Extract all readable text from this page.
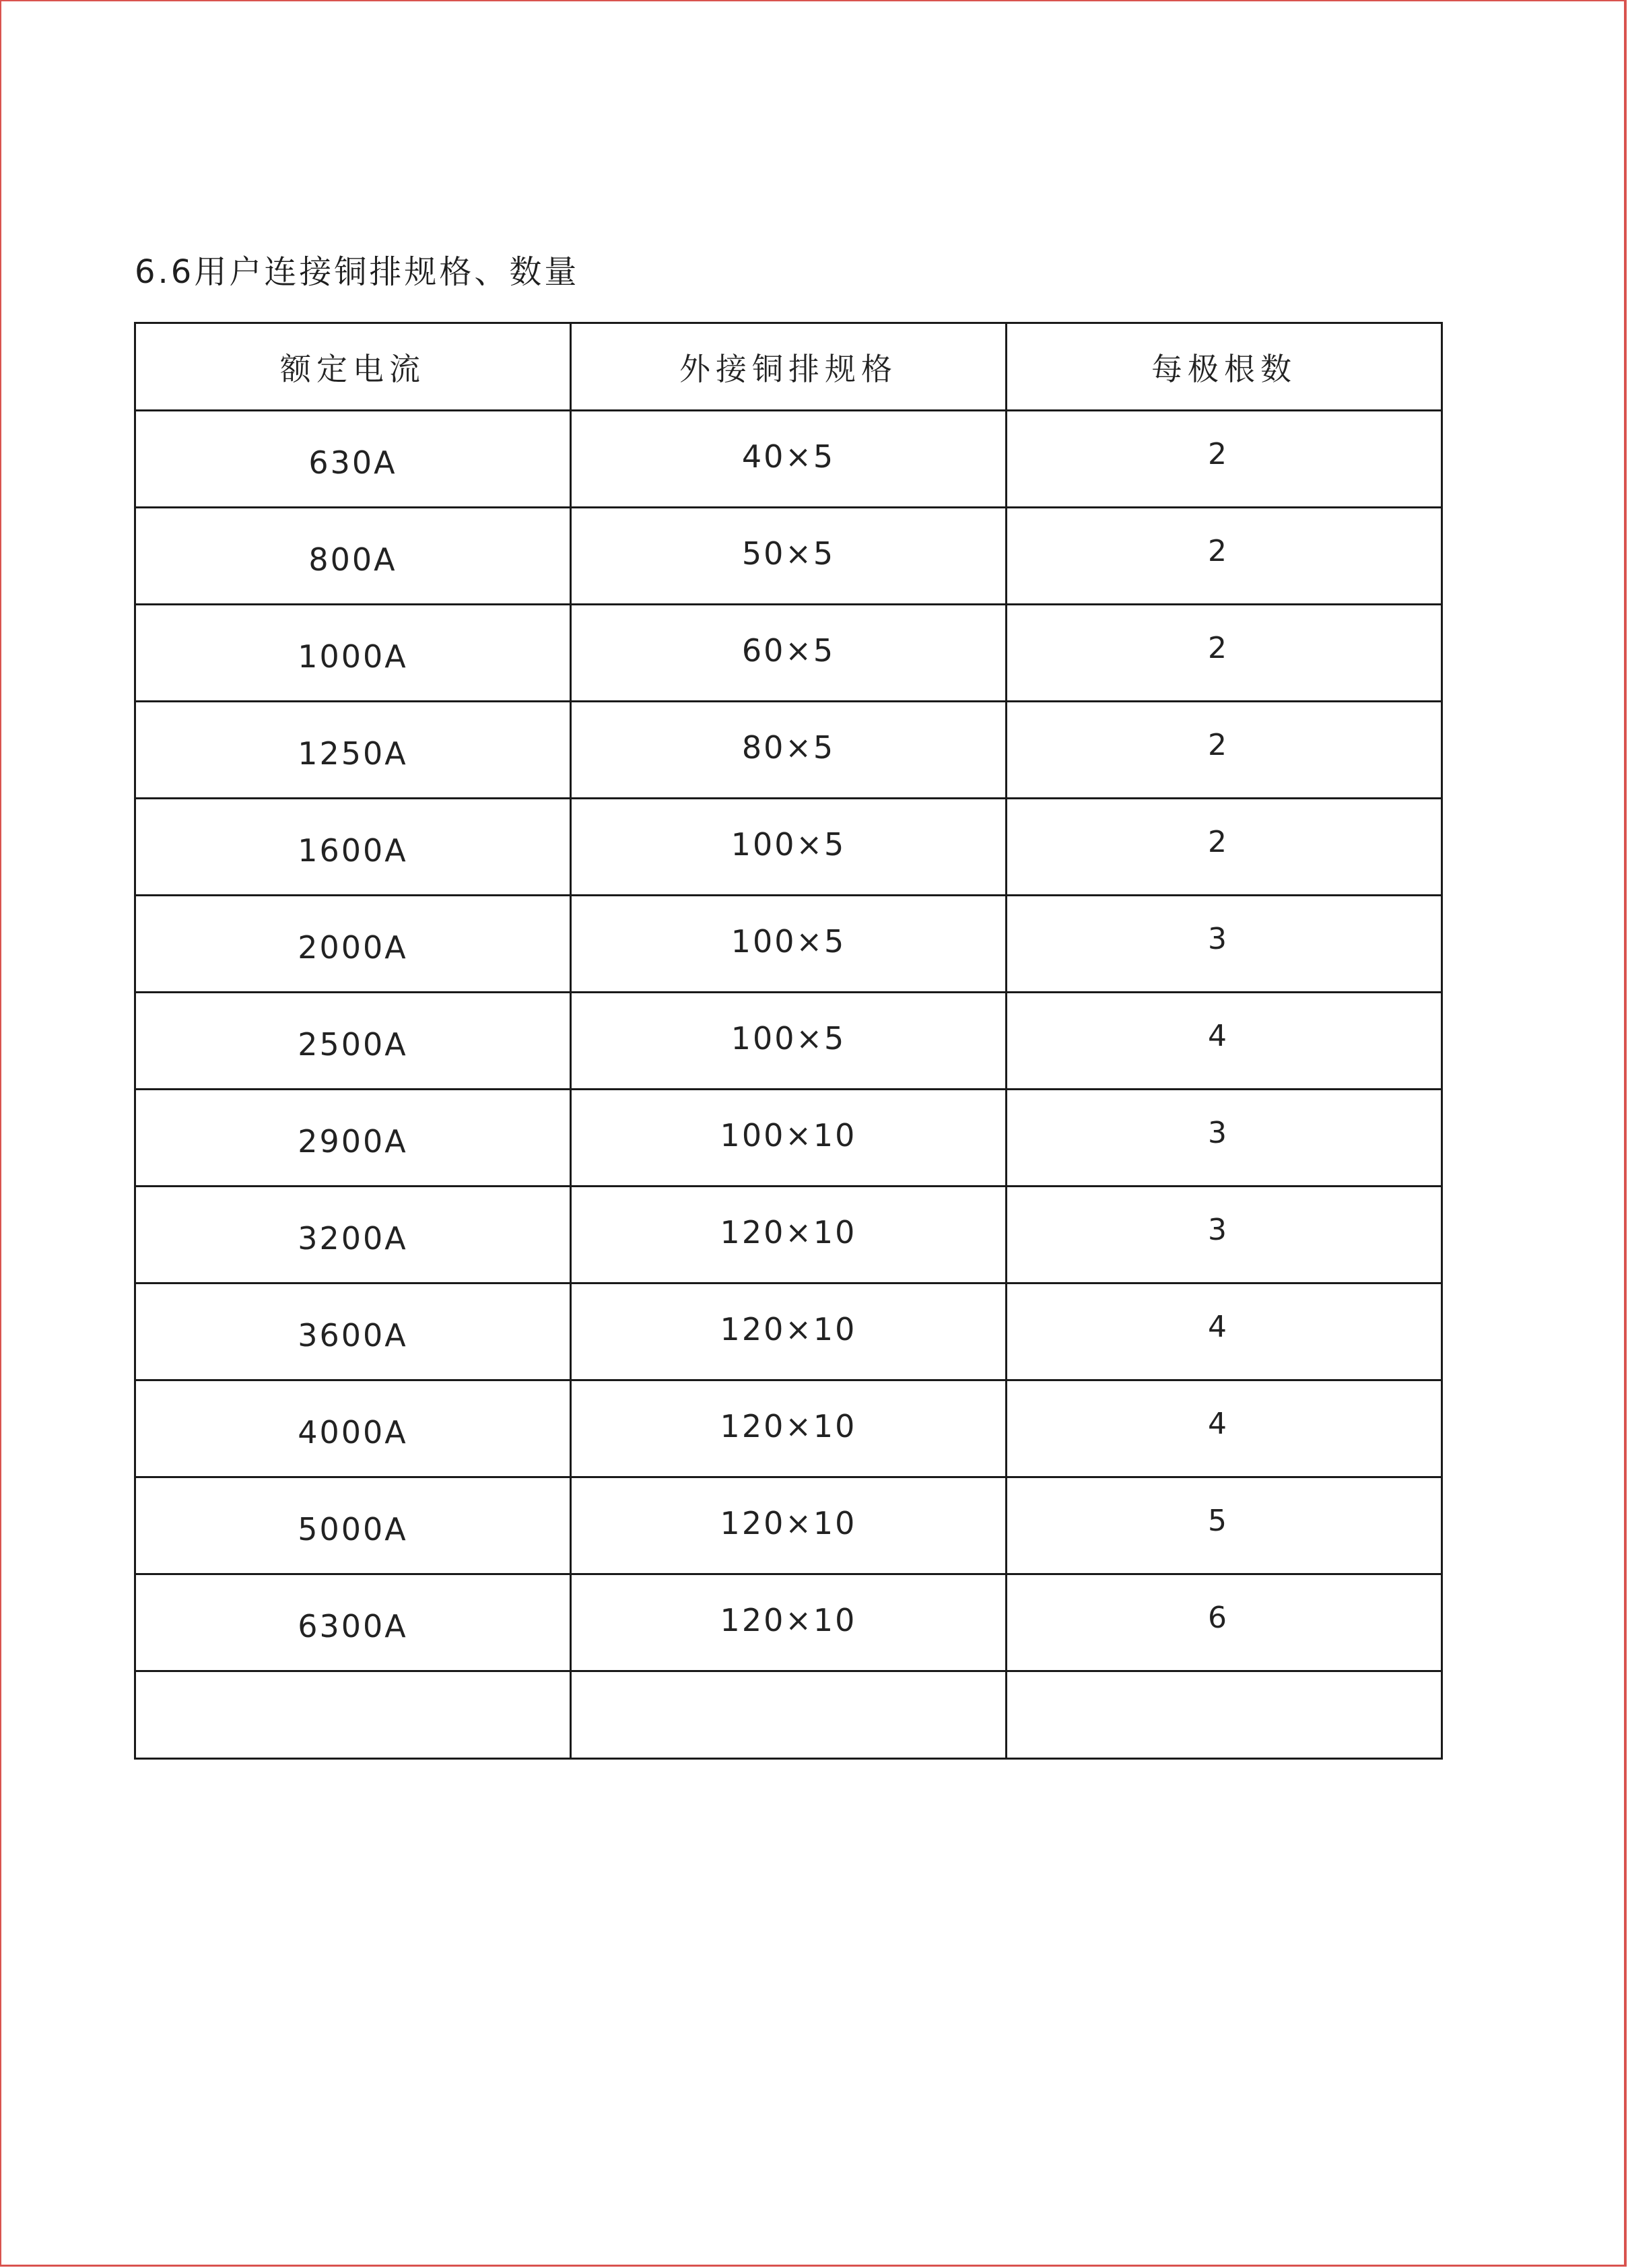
6.6用户连接铜排规格、数量
额定电流	外接铜排规格	每极根数
630A	40×5	2
800A	50×5	2
1000A	60×5	2
1250A	80×5	2
1600A	100×5	2
2000A	100×5	3
2500A	100×5	4
2900A	100×10	3
3200A	120×10	3
3600A	120×10	4
4000A	120×10	4
5000A	120×10	5
6300A	120×10	6
